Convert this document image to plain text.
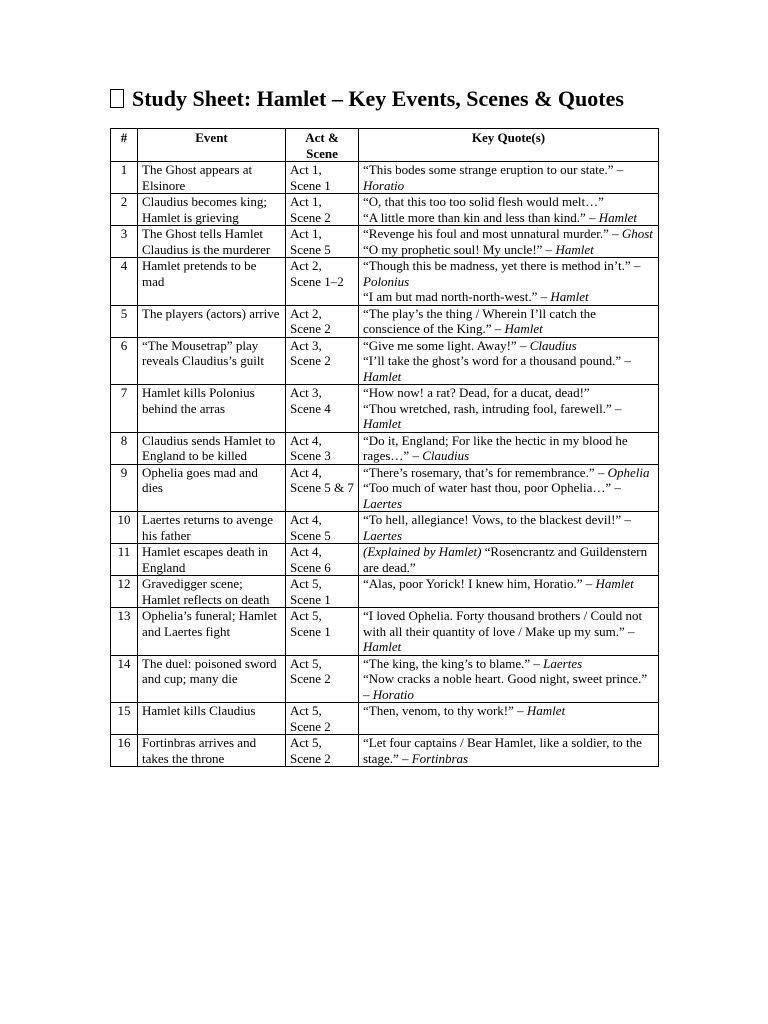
Study Sheet: Hamlet – Key Events, Scenes & Quotes
#	Event	Act & Scene	Key Quote(s)
1	The Ghost appears at Elsinore	Act 1, Scene 1	“This bodes some strange eruption to our state.” – Horatio

2	Claudius becomes king; Hamlet is grieving	Act 1, Scene 2	“O, that this too too solid flesh would melt…”
“A little more than kin and less than kind.” – Hamlet

3	The Ghost tells Hamlet Claudius is the murderer	Act 1, Scene 5	“Revenge his foul and most unnatural murder.” – Ghost
“O my prophetic soul! My uncle!” – Hamlet

4	Hamlet pretends to be mad	Act 2, Scene 1–2	“Though this be madness, yet there is method in’t.” – Polonius
“I am but mad north-north-west.” – Hamlet

5	The players (actors) arrive	Act 2, Scene 2	“The play’s the thing / Wherein I’ll catch the conscience of the King.” – Hamlet

6	“The Mousetrap” play reveals Claudius’s guilt	Act 3, Scene 2	“Give me some light. Away!” – Claudius
“I’ll take the ghost’s word for a thousand pound.” – Hamlet

7	Hamlet kills Polonius behind the arras	Act 3, Scene 4	“How now! a rat? Dead, for a ducat, dead!”
“Thou wretched, rash, intruding fool, farewell.” – Hamlet

8	Claudius sends Hamlet to England to be killed	Act 4, Scene 3	“Do it, England; For like the hectic in my blood he rages…” – Claudius

9	Ophelia goes mad and dies	Act 4, Scene 5 & 7	“There’s rosemary, that’s for remembrance.” – Ophelia
“Too much of water hast thou, poor Ophelia…” – Laertes

10	Laertes returns to avenge his father	Act 4, Scene 5	“To hell, allegiance! Vows, to the blackest devil!” – Laertes

11	Hamlet escapes death in England	Act 4, Scene 6	(Explained by Hamlet) “Rosencrantz and Guildenstern are dead.”

12	Gravedigger scene; Hamlet reflects on death	Act 5, Scene 1	“Alas, poor Yorick! I knew him, Horatio.” – Hamlet

13	Ophelia’s funeral; Hamlet and Laertes fight	Act 5, Scene 1	“I loved Ophelia. Forty thousand brothers / Could not with all their quantity of love / Make up my sum.” – Hamlet

14	The duel: poisoned sword and cup; many die	Act 5, Scene 2	“The king, the king’s to blame.” – Laertes
“Now cracks a noble heart. Good night, sweet prince.” – Horatio

15	Hamlet kills Claudius	Act 5, Scene 2	“Then, venom, to thy work!” – Hamlet

16	Fortinbras arrives and takes the throne	Act 5, Scene 2	“Let four captains / Bear Hamlet, like a soldier, to the stage.” – Fortinbras
